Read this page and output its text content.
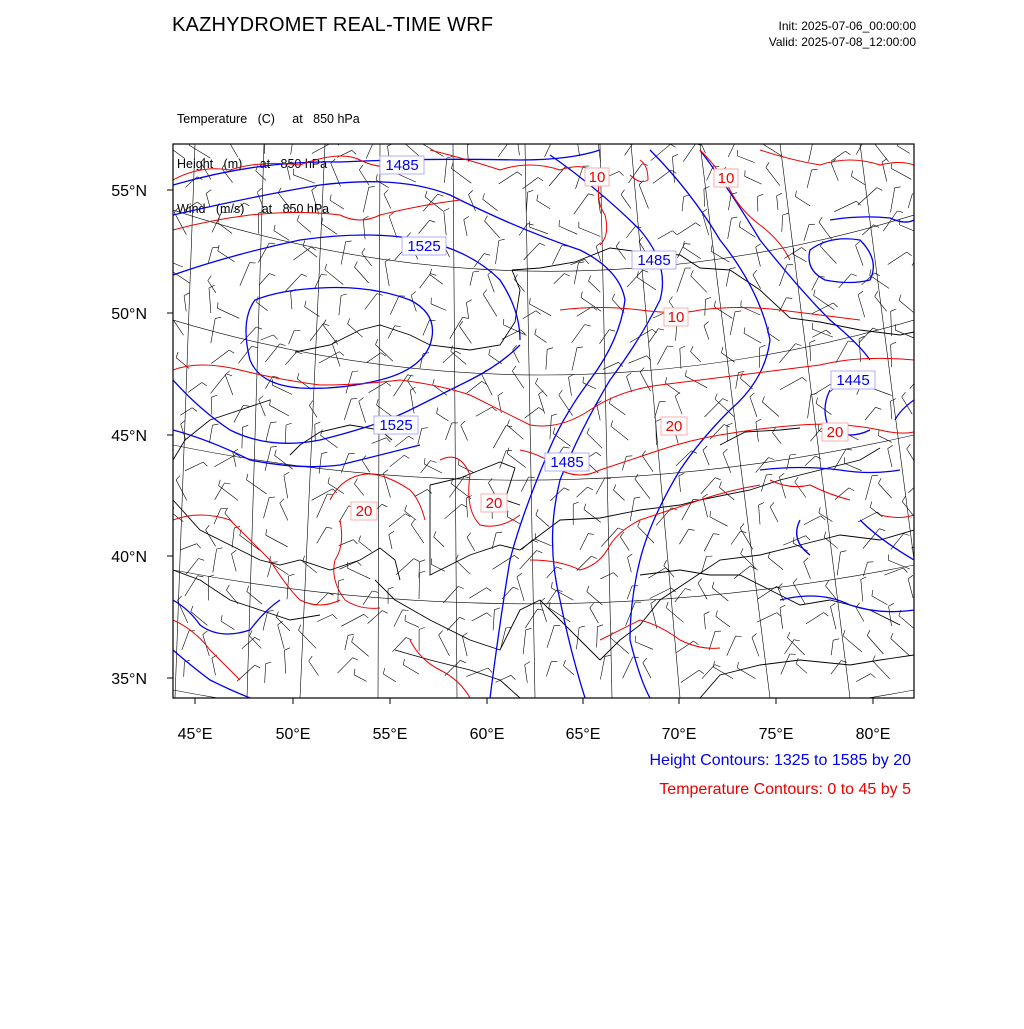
KAZHYDROMET REAL-TIME WRF	Init: 2025-07-06_00:00:00
Valid: 2025-07-08_12:00:00

Temperature   (C)     at   850 hPa

Height   (m)     at   850 hPa

Wind   (m/s)     at   850 hPa

1485
1525
1485
1445
1525
1485
10	10
10
20	20
20
20
55°N
50°N
45°N
40°N
35°N
45°E	50°E	55°E	60°E	65°E	70°E	75°E	80°E
Height Contours: 1325 to 1585 by 20
Temperature Contours: 0 to 45 by 5
